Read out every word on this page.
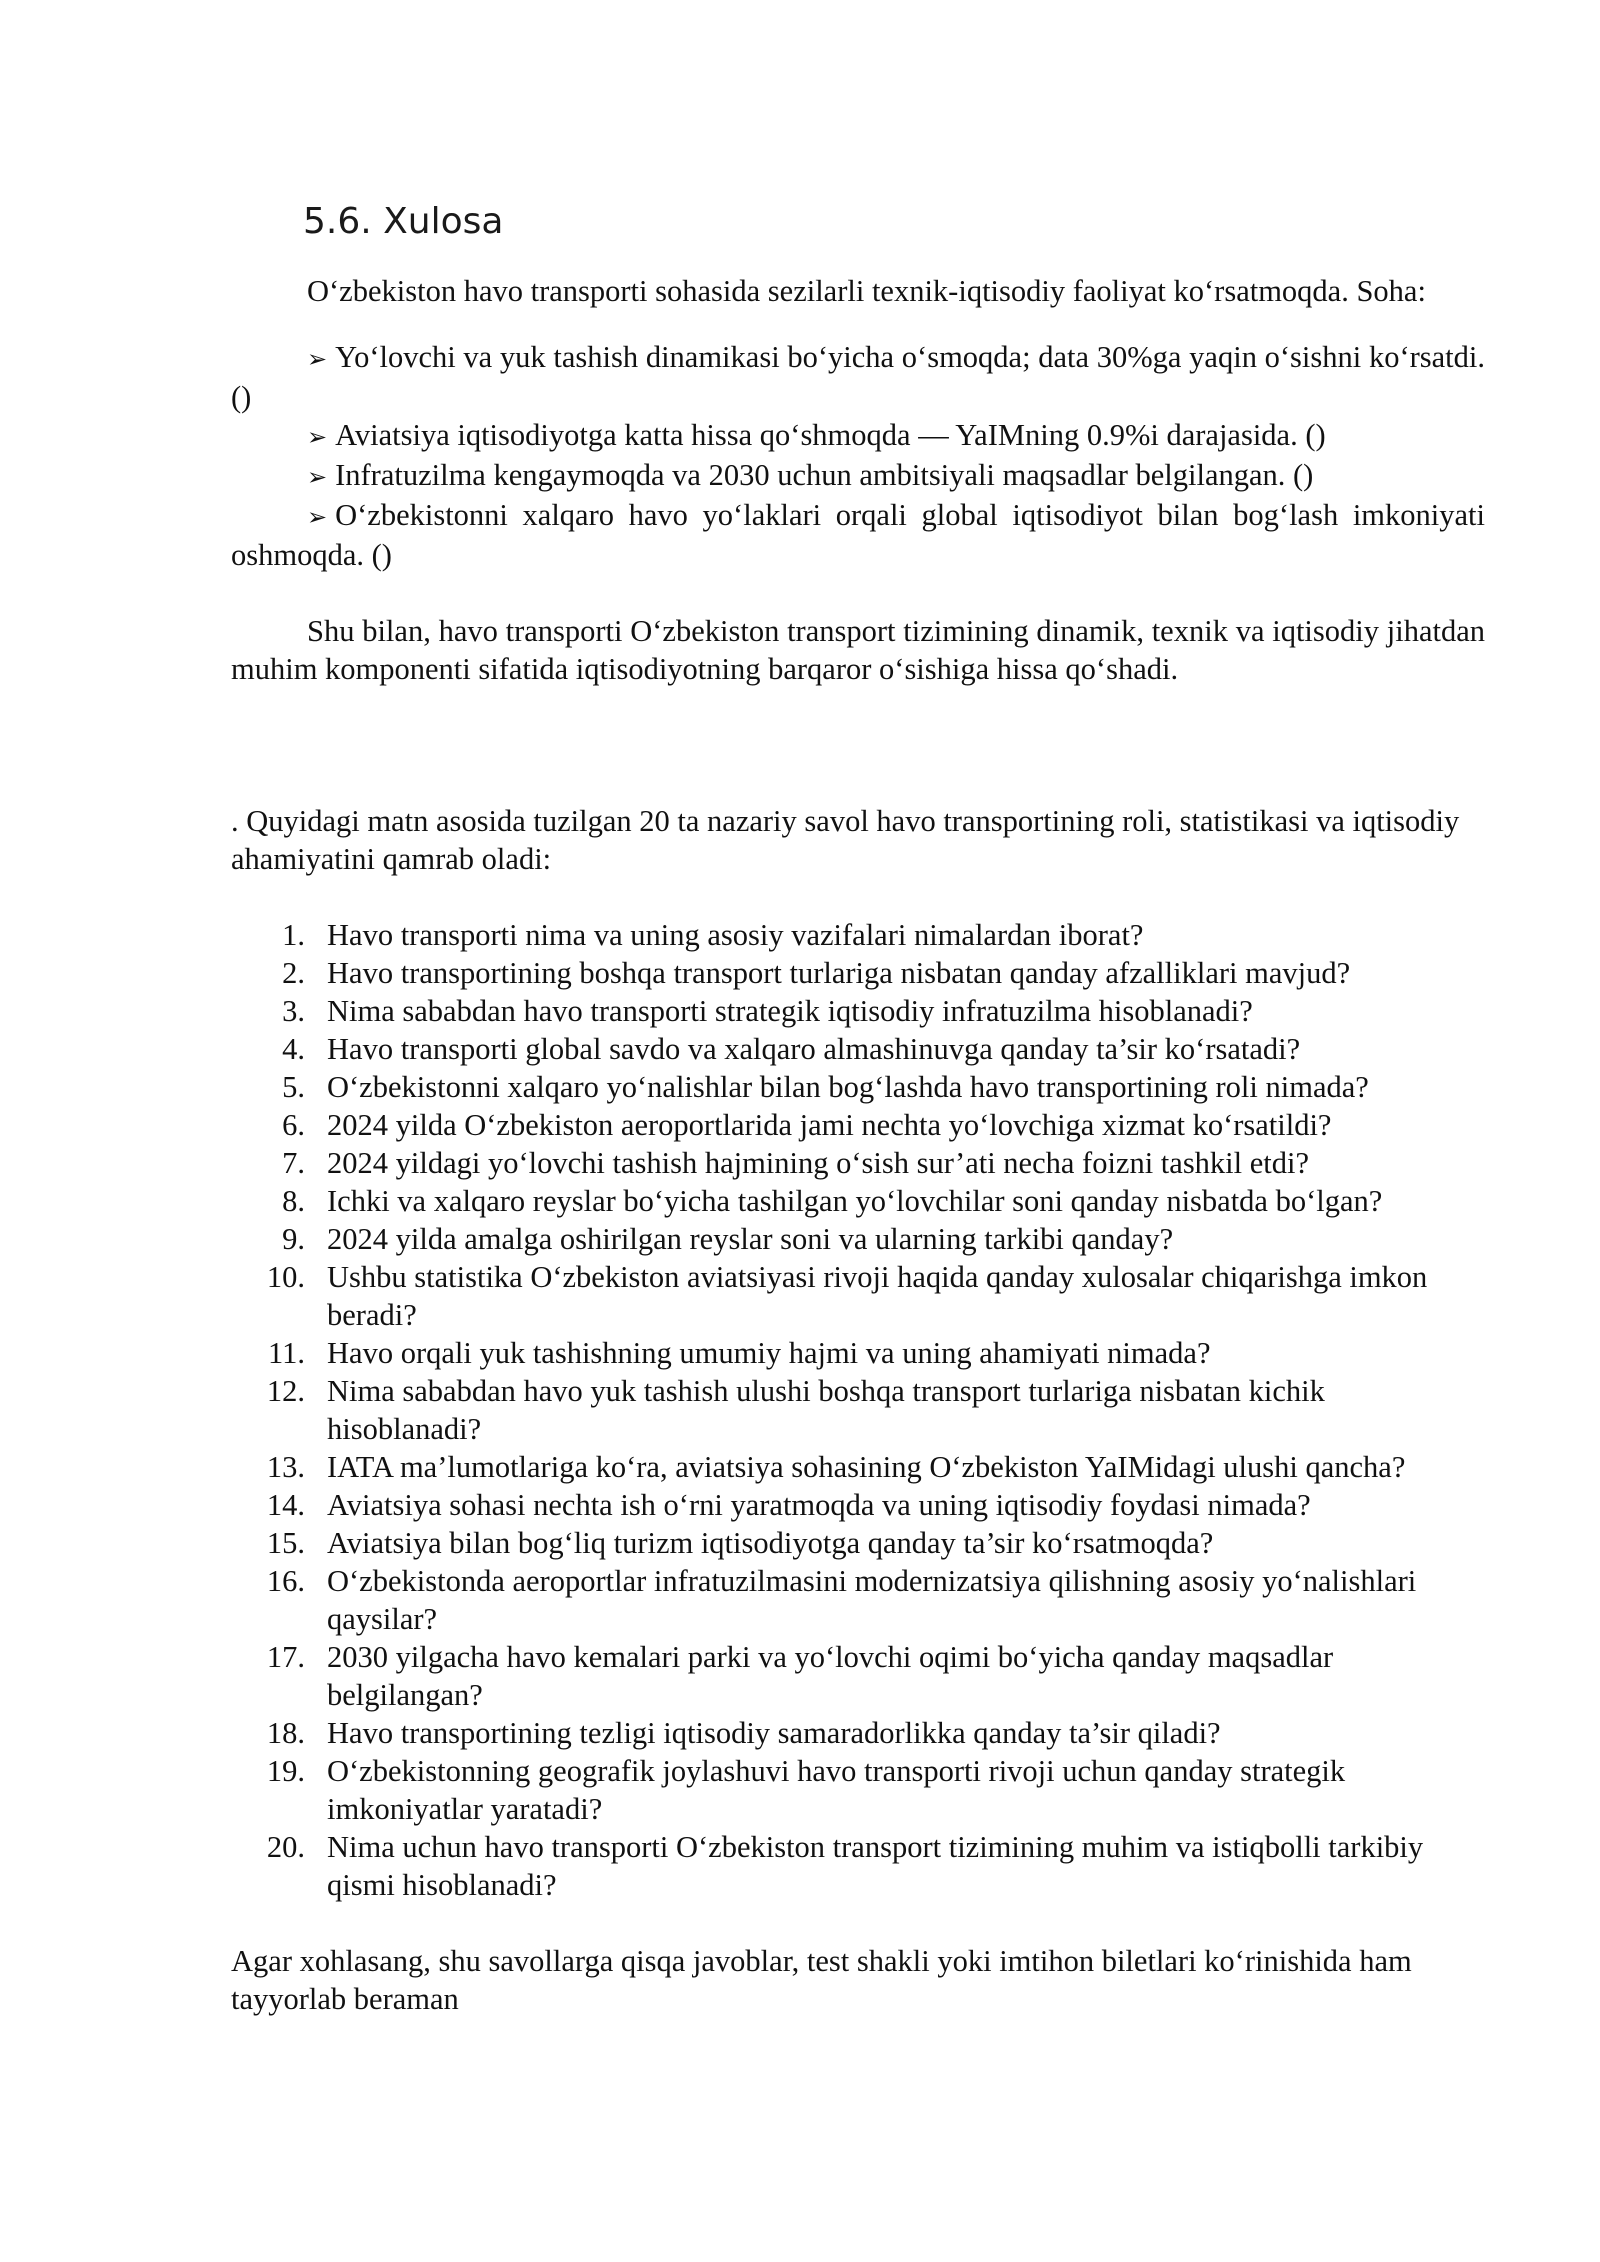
5.6. Xulosa

O‘zbekiston havo transporti sohasida sezilarli texnik-iqtisodiy faoliyat ko‘rsatmoqda. Soha:

➢ Yo‘lovchi va yuk tashish dinamikasi bo‘yicha o‘smoqda; data 30%ga yaqin o‘sishni ko‘rsatdi. ()
➢ Aviatsiya iqtisodiyotga katta hissa qo‘shmoqda — YaIMning 0.9%i darajasida. ()
➢ Infratuzilma kengaymoqda va 2030 uchun ambitsiyali maqsadlar belgilangan. ()
➢ O‘zbekistonni xalqaro havo yo‘laklari orqali global iqtisodiyot bilan bog‘lash imkoniyati oshmoqda. ()

Shu bilan, havo transporti O‘zbekiston transport tizimining dinamik, texnik va iqtisodiy jihatdan muhim komponenti sifatida iqtisodiyotning barqaror o‘sishiga hissa qo‘shadi.

. Quyidagi matn asosida tuzilgan 20 ta nazariy savol havo transportining roli, statistikasi va iqtisodiy ahamiyatini qamrab oladi:

1. Havo transporti nima va uning asosiy vazifalari nimalardan iborat?
2. Havo transportining boshqa transport turlariga nisbatan qanday afzalliklari mavjud?
3. Nima sababdan havo transporti strategik iqtisodiy infratuzilma hisoblanadi?
4. Havo transporti global savdo va xalqaro almashinuvga qanday ta’sir ko‘rsatadi?
5. O‘zbekistonni xalqaro yo‘nalishlar bilan bog‘lashda havo transportining roli nimada?
6. 2024 yilda O‘zbekiston aeroportlarida jami nechta yo‘lovchiga xizmat ko‘rsatildi?
7. 2024 yildagi yo‘lovchi tashish hajmining o‘sish sur’ati necha foizni tashkil etdi?
8. Ichki va xalqaro reyslar bo‘yicha tashilgan yo‘lovchilar soni qanday nisbatda bo‘lgan?
9. 2024 yilda amalga oshirilgan reyslar soni va ularning tarkibi qanday?
10. Ushbu statistika O‘zbekiston aviatsiyasi rivoji haqida qanday xulosalar chiqarishga imkon beradi?
11. Havo orqali yuk tashishning umumiy hajmi va uning ahamiyati nimada?
12. Nima sababdan havo yuk tashish ulushi boshqa transport turlariga nisbatan kichik hisoblanadi?
13. IATA ma’lumotlariga ko‘ra, aviatsiya sohasining O‘zbekiston YaIMidagi ulushi qancha?
14. Aviatsiya sohasi nechta ish o‘rni yaratmoqda va uning iqtisodiy foydasi nimada?
15. Aviatsiya bilan bog‘liq turizm iqtisodiyotga qanday ta’sir ko‘rsatmoqda?
16. O‘zbekistonda aeroportlar infratuzilmasini modernizatsiya qilishning asosiy yo‘nalishlari qaysilar?
17. 2030 yilgacha havo kemalari parki va yo‘lovchi oqimi bo‘yicha qanday maqsadlar belgilangan?
18. Havo transportining tezligi iqtisodiy samaradorlikka qanday ta’sir qiladi?
19. O‘zbekistonning geografik joylashuvi havo transporti rivoji uchun qanday strategik imkoniyatlar yaratadi?
20. Nima uchun havo transporti O‘zbekiston transport tizimining muhim va istiqbolli tarkibiy qismi hisoblanadi?

Agar xohlasang, shu savollarga qisqa javoblar, test shakli yoki imtihon biletlari ko‘rinishida ham tayyorlab beraman
